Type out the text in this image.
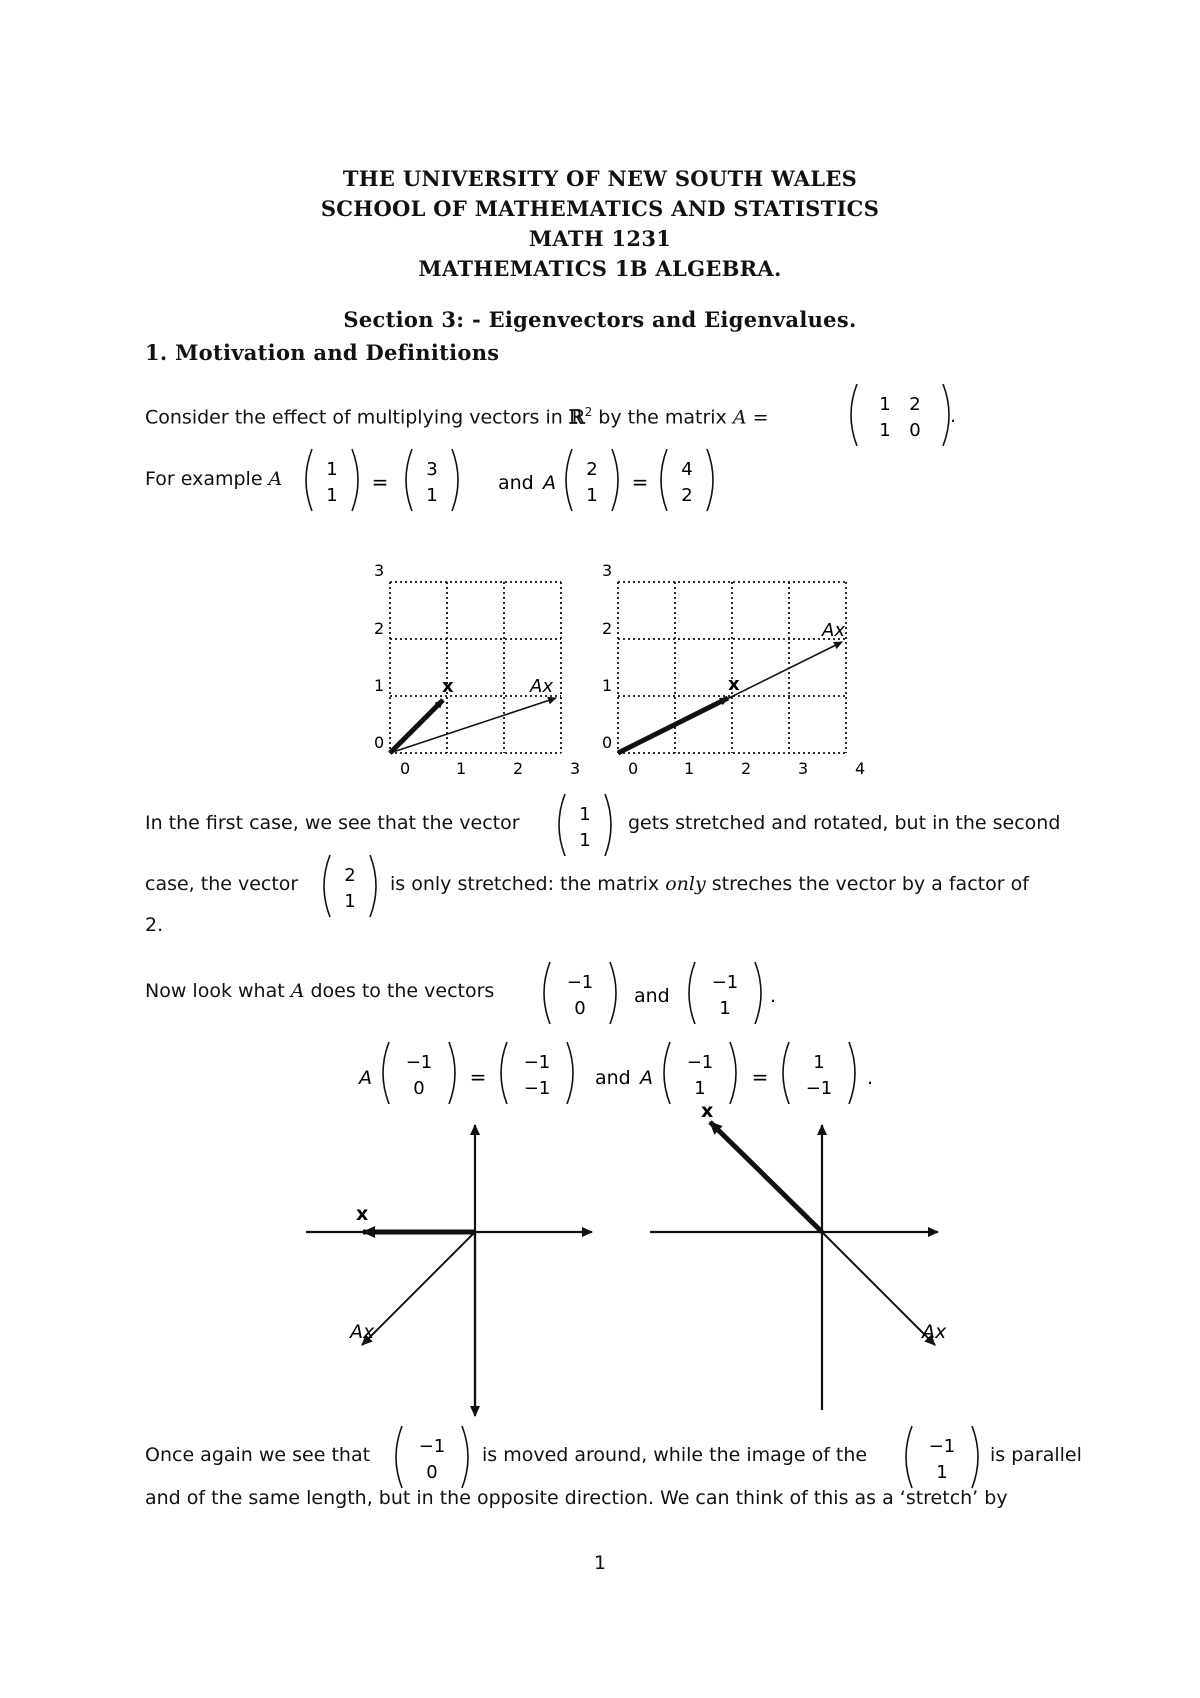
THE UNIVERSITY OF NEW SOUTH WALES
SCHOOL OF MATHEMATICS AND STATISTICS
MATH 1231
MATHEMATICS 1B ALGEBRA.
Section 3: - Eigenvectors and Eigenvalues.
1. Motivation and Definitions
Consider the effect of multiplying vectors in ℝ$^2$ by the matrix A =
1 2
1 0
.
For example A 1
1
=
3
1
and A
2
1
=
4
2
3
2
1
0
0	1	2	3
x	Ax
3
2
1
0
0	1	2	3	4
x
Ax
In the first case, we see that the vector	1
1
gets stretched and rotated, but in the second
case, the vector	2
1
is only stretched: the matrix only streches the vector by a factor of
2.
Now look what A does to the vectors	−1
0
and
−1
1
.
A
−1
0 =
−1
−1 and A
−1
1 =
1
−1 .
x
Ax
x
Ax
Once again we see that	−1
0
is moved around, while the image of the	−1
1
is parallel
and of the same length, but in the opposite direction. We can think of this as a ‘stretch’ by
1
